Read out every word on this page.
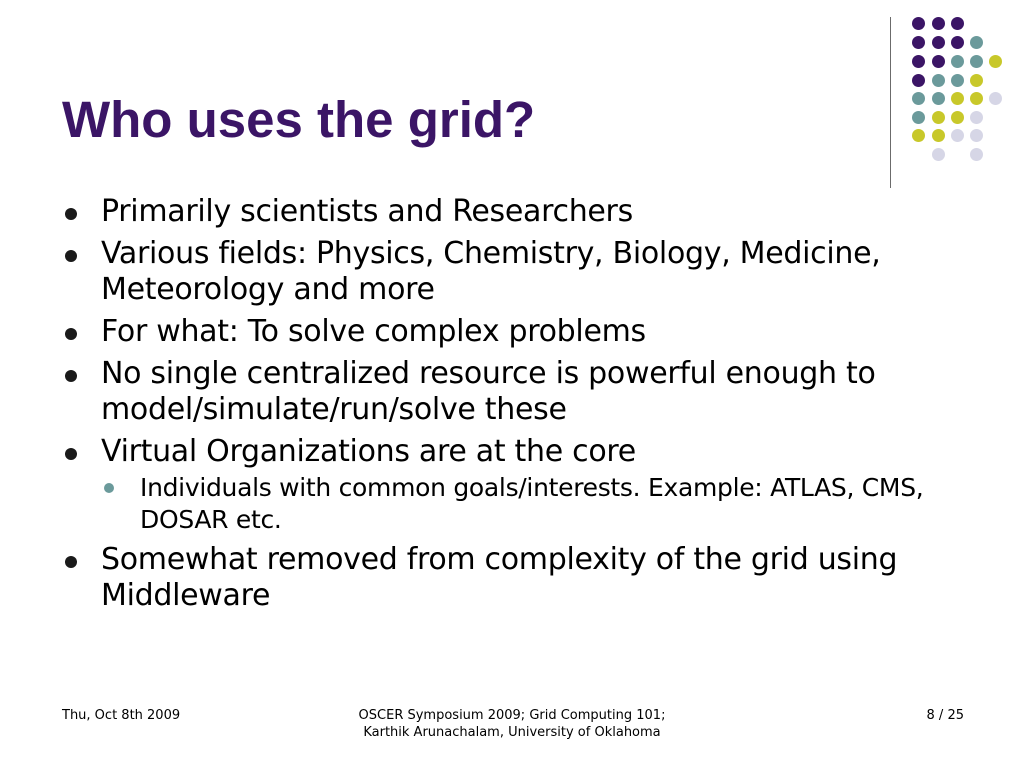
Who uses the grid?
Primarily scientists and Researchers
Various fields: Physics, Chemistry, Biology, Medicine, Meteorology and more
For what: To solve complex problems
No single centralized resource is powerful enough to model/simulate/run/solve these
Virtual Organizations are at the core
Individuals with common goals/interests. Example: ATLAS, CMS, DOSAR etc.
Somewhat removed from complexity of the grid using Middleware
Thu, Oct 8th 2009	OSCER Symposium 2009; Grid Computing 101;
Karthik Arunachalam, University of Oklahoma
8 / 25
